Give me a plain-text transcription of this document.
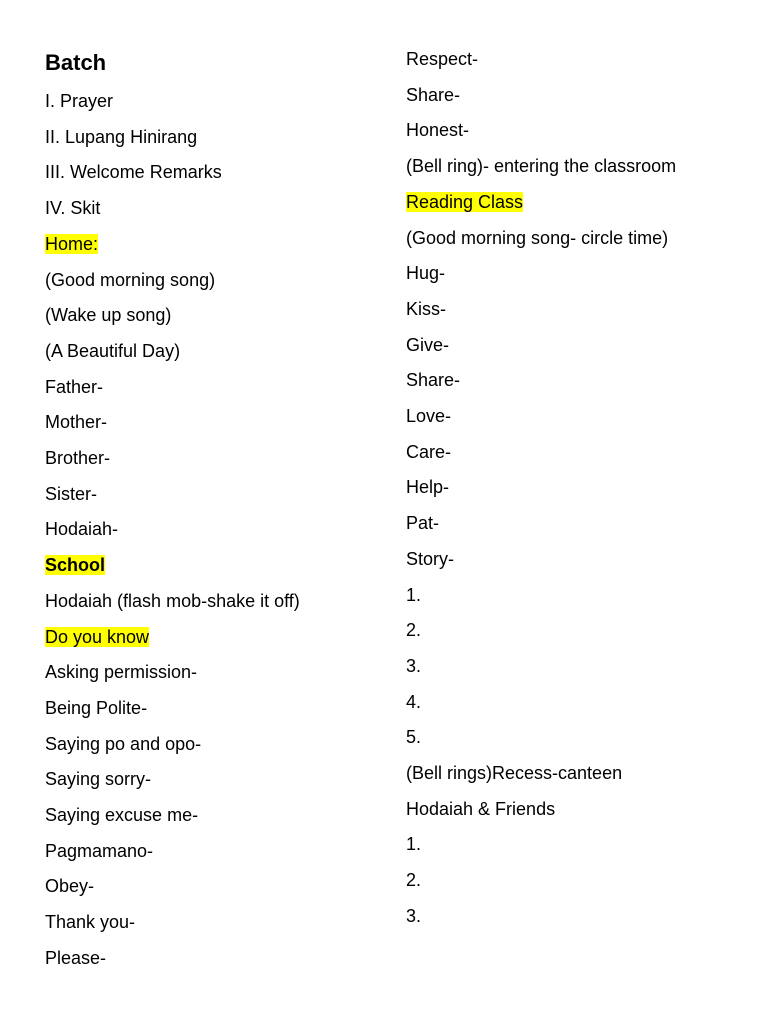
Batch
I. Prayer
II. Lupang Hinirang
III. Welcome Remarks
IV. Skit
Home:
(Good morning song)
(Wake up song)
(A Beautiful Day)
Father-
Mother-
Brother-
Sister-
Hodaiah-
School
Hodaiah (flash mob-shake it off)
Do you know
Asking permission-
Being Polite-
Saying po and opo-
Saying sorry-
Saying excuse me-
Pagmamano-
Obey-
Thank you-
Please-
Respect-
Share-
Honest-
(Bell ring)- entering the classroom
Reading Class
(Good morning song- circle time)
Hug-
Kiss-
Give-
Share-
Love-
Care-
Help-
Pat-
Story-
1.
2.
3.
4.
5.
(Bell rings)Recess-canteen
Hodaiah & Friends
1.
2.
3.
